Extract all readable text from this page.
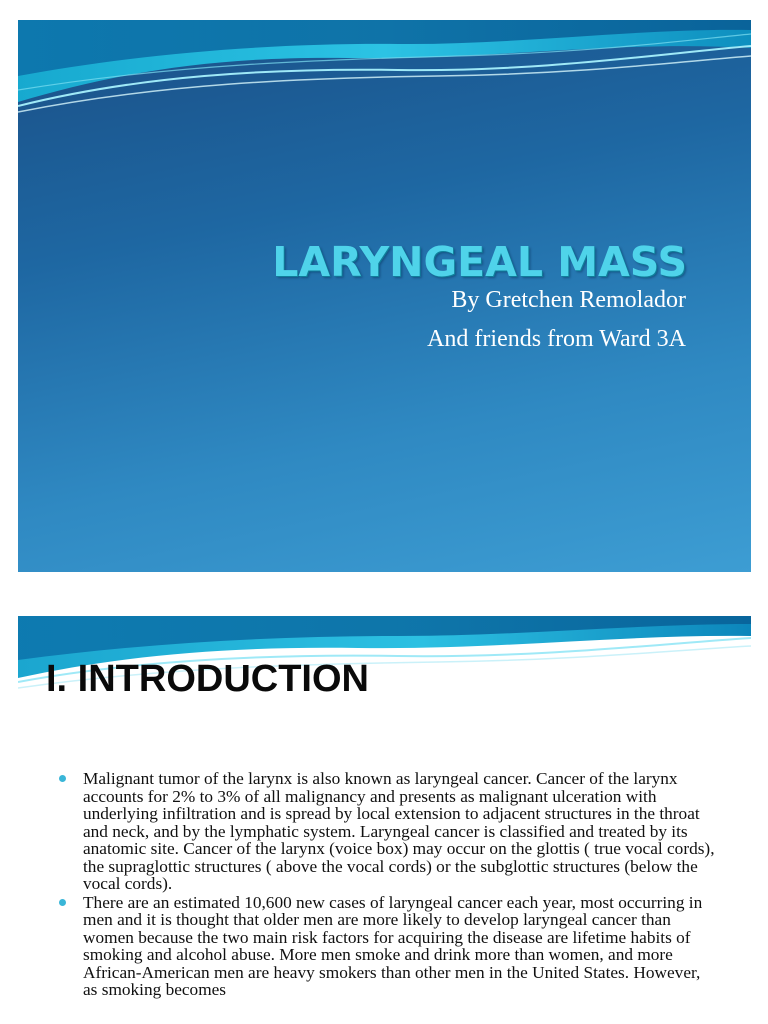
LARYNGEAL MASS
By Gretchen Remolador
And friends from Ward 3A
I. INTRODUCTION
Malignant tumor of the larynx is also known as laryngeal cancer. Cancer of the larynx accounts for 2% to 3% of all malignancy and presents as malignant ulceration with underlying infiltration and is spread by local extension to adjacent structures in the throat and neck, and by the lymphatic system. Laryngeal cancer is classified and treated by its anatomic site. Cancer of the larynx (voice box) may occur on the glottis ( true vocal cords), the supraglottic structures ( above the vocal cords) or the subglottic structures (below the vocal cords).
There are an estimated 10,600 new cases of laryngeal cancer each year, most occurring in men and it is thought that older men are more likely to develop laryngeal cancer than women because the two main risk factors for acquiring the disease are lifetime habits of smoking and alcohol abuse. More men smoke and drink more than women, and more African-American men are heavy smokers than other men in the United States. However, as smoking becomes
